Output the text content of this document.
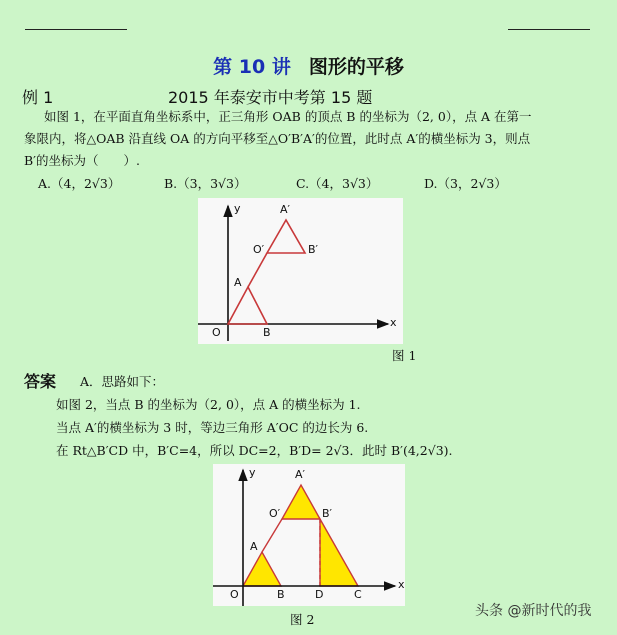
第 10 讲 图形的平移
例 1	2015 年泰安市中考第 15 题
如图 1，在平面直角坐标系中，正三角形 OAB 的顶点 B 的坐标为（2, 0），点 A 在第一
象限内，将△OAB 沿直线 OA 的方向平移至△O′B′A′的位置，此时点 A′的横坐标为 3，则点
B′的坐标为（　　）.
A.（4，2√3）	B.（3，3√3）	C.（4，3√3）	D.（3，2√3）
y
x
O
A
B
O′
A′
B′
图 1
答案 A．思路如下：
如图 2，当点 B 的坐标为（2, 0），点 A 的横坐标为 1.
当点 A′的横坐标为 3 时，等边三角形 A′OC 的边长为 6.
在 Rt△B′CD 中，B′C=4，所以 DC=2，B′D= 2√3．此时 B′(4,2√3).
y
x
O
A
B	D	C
O′
A′
B′
图 2
头条 @新时代的我
